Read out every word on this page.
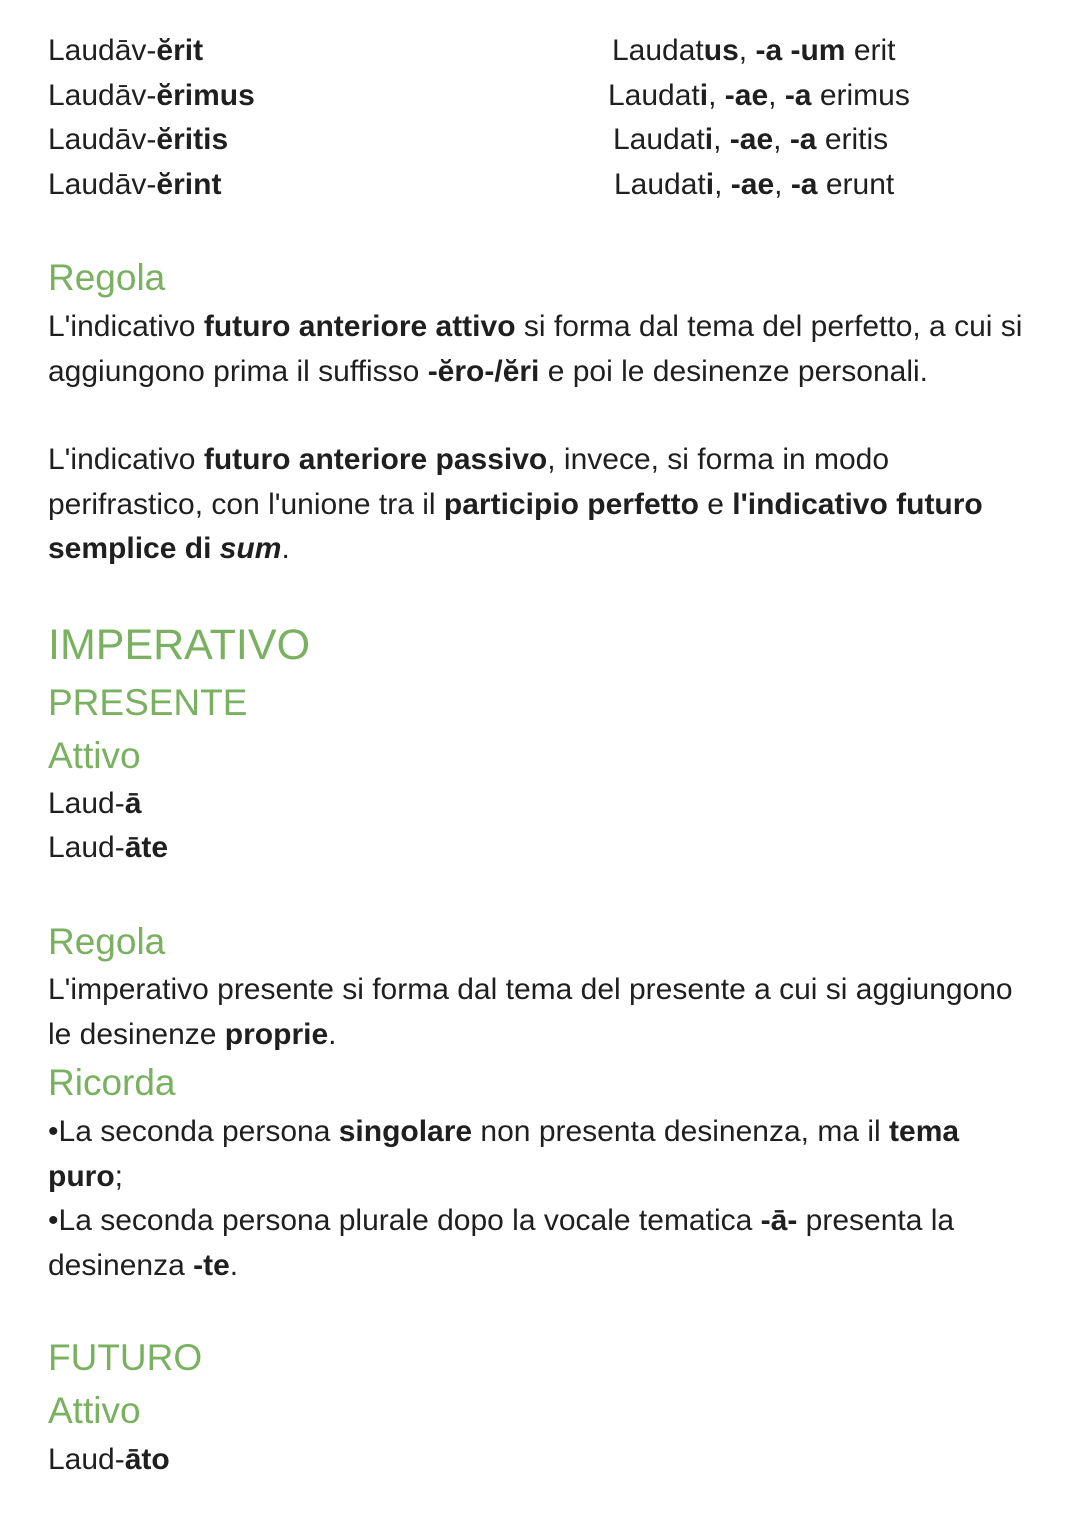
Laudāv-ĕrit
Laudāv-ĕrimus
Laudāv-ĕritis
Laudāv-ĕrint
Laudatus, -a -um erit
Laudati, -ae, -a erimus
Laudati, -ae, -a eritis
Laudati, -ae, -a erunt
Regola
L'indicativo futuro anteriore attivo si forma dal tema del perfetto, a cui si aggiungono prima il suffisso -ĕro-/ĕri e poi le desinenze personali.
L'indicativo futuro anteriore passivo, invece, si forma in modo perifrastico, con l'unione tra il participio perfetto e l'indicativo futuro semplice di sum.
IMPERATIVO
PRESENTE
Attivo
Laud-ā
Laud-āte
Regola
L'imperativo presente si forma dal tema del presente a cui si aggiungono le desinenze proprie.
Ricorda
•La seconda persona singolare non presenta desinenza, ma il tema puro;
•La seconda persona plurale dopo la vocale tematica -ā- presenta la desinenza -te.
FUTURO
Attivo
Laud-āto
